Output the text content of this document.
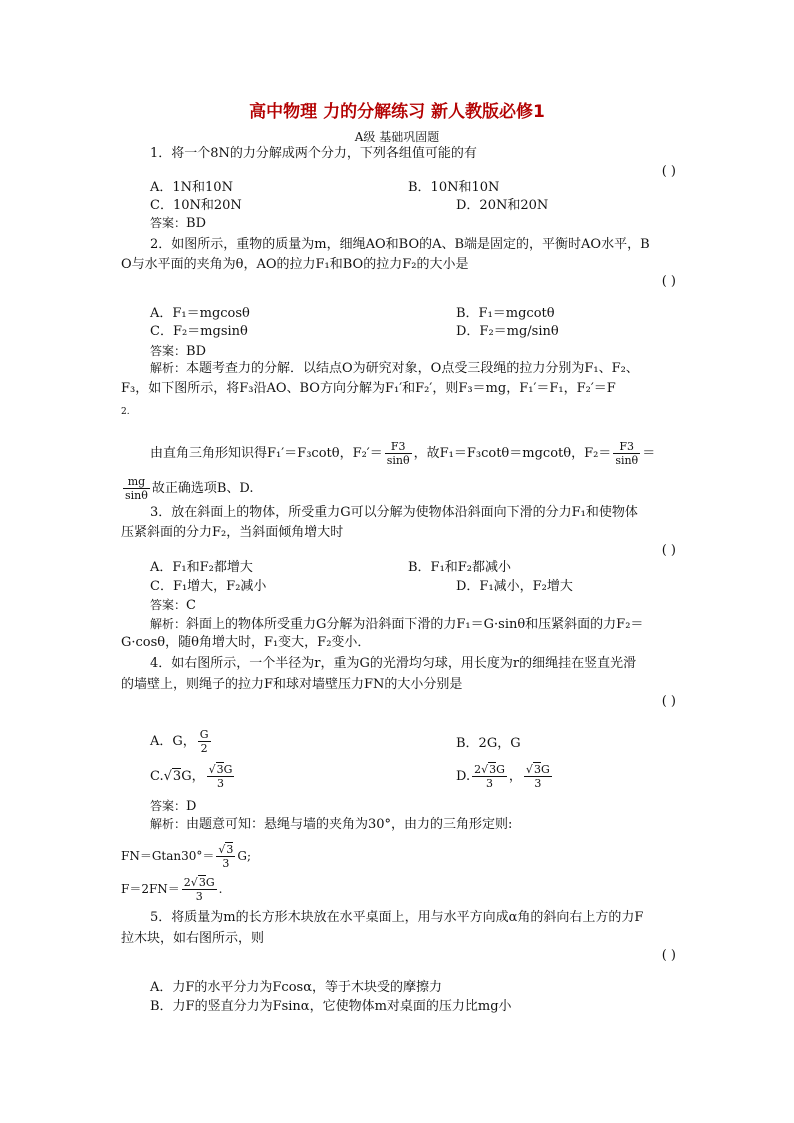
高中物理 力的分解练习 新人教版必修1
A级 基础巩固题
1．将一个8N的力分解成两个分力，下列各组值可能的有
( )
A．1N和10N	B．10N和10N
C．10N和20N	D．20N和20N
答案：BD
2．如图所示，重物的质量为m，细绳AO和BO的A、B端是固定的，平衡时AO水平，B
O与水平面的夹角为θ，AO的拉力F₁和BO的拉力F₂的大小是
( )
A．F₁＝mgcosθ	B．F₁＝mgcotθ
C．F₂＝mgsinθ	D．F₂＝mg/sinθ
答案：BD
解析：本题考查力的分解．以结点O为研究对象，O点受三段绳的拉力分别为F₁、F₂、
F₃，如下图所示，将F₃沿AO、BO方向分解为F₁′和F₂′，则F₃＝mg，F₁′＝F₁，F₂′＝F
2.
由直角三角形知识得F₁′＝F₃cotθ，$F_2'= \frac{F3}{\sin\theta}$ ，故F₁＝F₃cotθ＝mgcotθ，$F_2= \frac{F3}{\sin\theta}$ ＝
$\frac{mg}{\sin\theta}$ 故正确选项B、D.
3．放在斜面上的物体，所受重力G可以分解为使物体沿斜面向下滑的分力F₁和使物体
压紧斜面的分力F₂，当斜面倾角增大时
( )
A．F₁和F₂都增大	B．F₁和F₂都减小
C．F₁增大，F₂减小	D．F₁减小，F₂增大
答案：C
解析：斜面上的物体所受重力G分解为沿斜面下滑的力F₁＝G·sinθ和压紧斜面的力F₂＝
G·cosθ，随θ角增大时，F₁变大，F₂变小．
4．如右图所示，一个半径为r，重为G的光滑均匀球，用长度为r的细绳挂在竖直光滑
的墙壁上，则绳子的拉力F和球对墙壁压力FN的大小分别是
( )
A．G， $\frac{G}{2}$	B．2G，G
C.√3G， $\frac{√3G}{3}$	D. $\frac{2√3G}{3}$ ， $\frac{√3G}{3}$
答案：D
解析：由题意可知：悬绳与墙的夹角为30°，由力的三角形定则:
$FN=Gtan30^\circ= \frac{√3}{3} G$;
$F=2FN= \frac{2√3G}{3}$ .
5．将质量为m的长方形木块放在水平桌面上，用与水平方向成α角的斜向右上方的力F
拉木块，如右图所示，则
( )
A．力F的水平分力为Fcosα，等于木块受的摩擦力
B．力F的竖直分力为Fsinα，它使物体m对桌面的压力比mg小
